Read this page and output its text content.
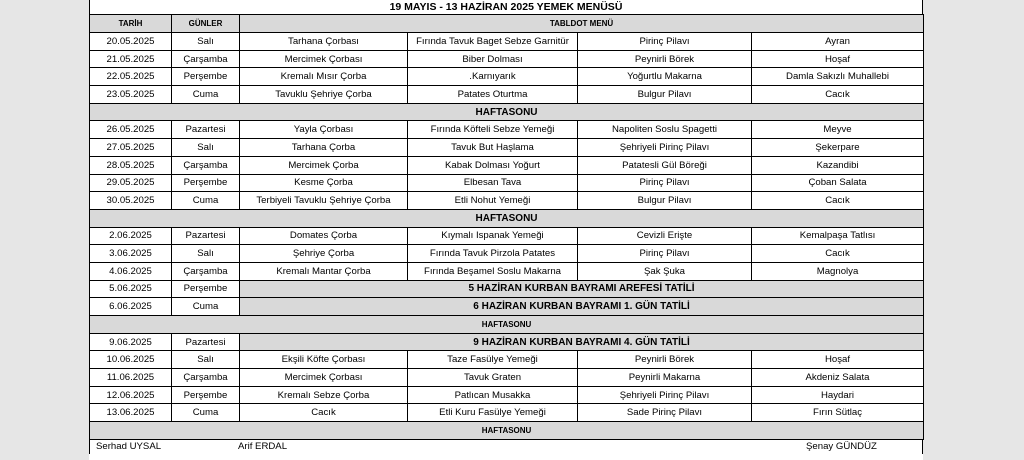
19 MAYIS - 13 HAZİRAN 2025 YEMEK MENÜSÜ
TARİH	GÜNLER	TABLDOT MENÜ			
20.05.2025	Salı	Tarhana Çorbası	Fırında Tavuk Baget Sebze Garnitür	Pirinç Pilavı	Ayran
21.05.2025	Çarşamba	Mercimek Çorbası	Biber Dolması	Peynirli Börek	Hoşaf
22.05.2025	Perşembe	Kremalı Mısır Çorba	.Karnıyarık	Yoğurtlu Makarna	Damla Sakızlı Muhallebi
23.05.2025	Cuma	Tavuklu Şehriye Çorba	Patates Oturtma	Bulgur Pilavı	Cacık
HAFTASONU					
26.05.2025	Pazartesi	Yayla Çorbası	Fırında Köfteli Sebze Yemeği	Napoliten Soslu Spagetti	Meyve
27.05.2025	Salı	Tarhana Çorba	Tavuk But Haşlama	Şehriyeli Pirinç Pilavı	Şekerpare
28.05.2025	Çarşamba	Mercimek Çorba	Kabak Dolması Yoğurt	Patatesli Gül Böreği	Kazandibi
29.05.2025	Perşembe	Kesme Çorba	Elbesan Tava	Pirinç Pilavı	Çoban Salata
30.05.2025	Cuma	Terbiyeli Tavuklu Şehriye Çorba	Etli Nohut Yemeği	Bulgur Pilavı	Cacık
HAFTASONU					
2.06.2025	Pazartesi	Domates Çorba	Kıymalı Ispanak Yemeği	Cevizli Erişte	Kemalpaşa Tatlısı
3.06.2025	Salı	Şehriye Çorba	Fırında Tavuk Pirzola Patates	Pirinç Pilavı	Cacık
4.06.2025	Çarşamba	Kremalı Mantar Çorba	Fırında Beşamel Soslu Makarna	Şak Şuka	Magnolya
5.06.2025	Perşembe	5 HAZİRAN KURBAN BAYRAMI AREFESİ TATİLİ			
6.06.2025	Cuma	6 HAZİRAN KURBAN BAYRAMI 1. GÜN TATİLİ			
HAFTASONU					
9.06.2025	Pazartesi	9 HAZİRAN KURBAN BAYRAMI 4. GÜN TATİLİ			
10.06.2025	Salı	Ekşili Köfte Çorbası	Taze Fasülye Yemeği	Peynirli Börek	Hoşaf
11.06.2025	Çarşamba	Mercimek Çorbası	Tavuk Graten	Peynirli Makarna	Akdeniz Salata
12.06.2025	Perşembe	Kremalı Sebze Çorba	Patlıcan Musakka	Şehriyeli Pirinç Pilavı	Haydari
13.06.2025	Cuma	Cacık	Etli Kuru Fasülye Yemeği	Sade Pirinç Pilavı	Fırın Sütlaç
HAFTASONU					
Serhad UYSAL	Arif ERDAL	Şenay GÜNDÜZ
